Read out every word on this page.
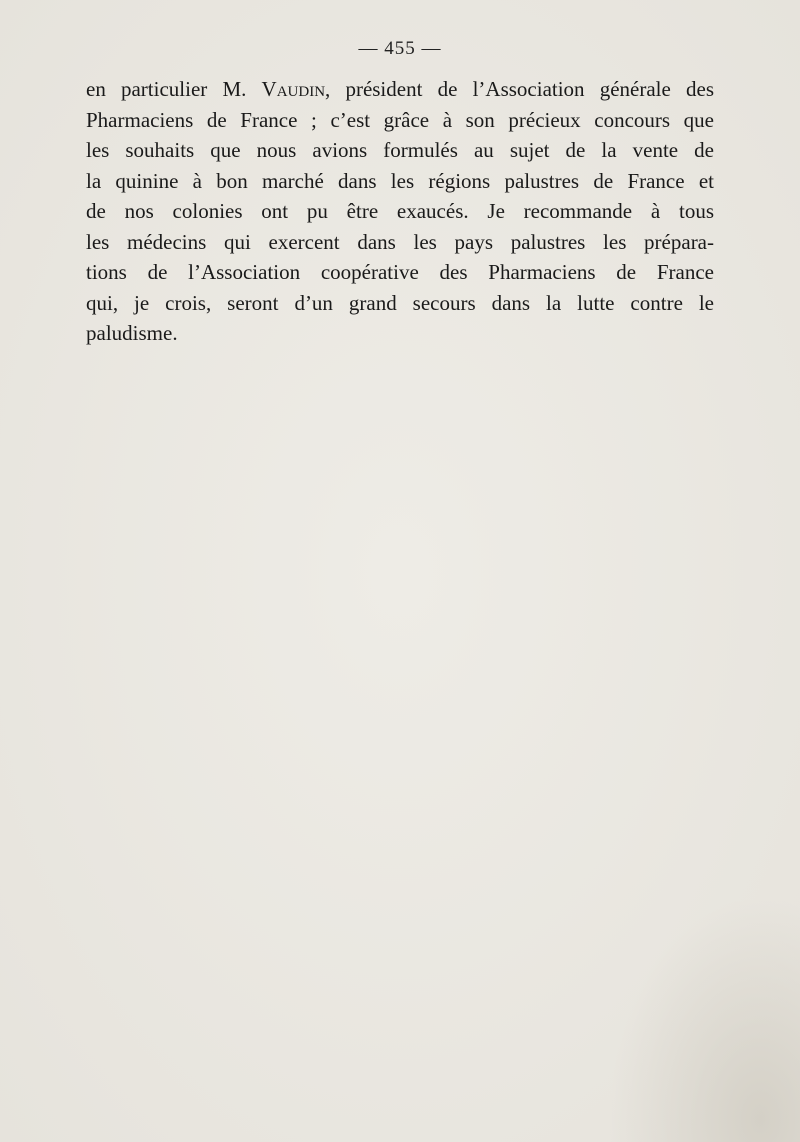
— 455 —
en particulier M. Vaudin, président de l’Association générale des
Pharmaciens de France ; c’est grâce à son précieux concours que
les souhaits que nous avions formulés au sujet de la vente de
la quinine à bon marché dans les régions palustres de France et
de nos colonies ont pu être exaucés. Je recommande à tous
les médecins qui exercent dans les pays palustres les prépara-
tions de l’Association coopérative des Pharmaciens de France
qui, je crois, seront d’un grand secours dans la lutte contre le
paludisme.
